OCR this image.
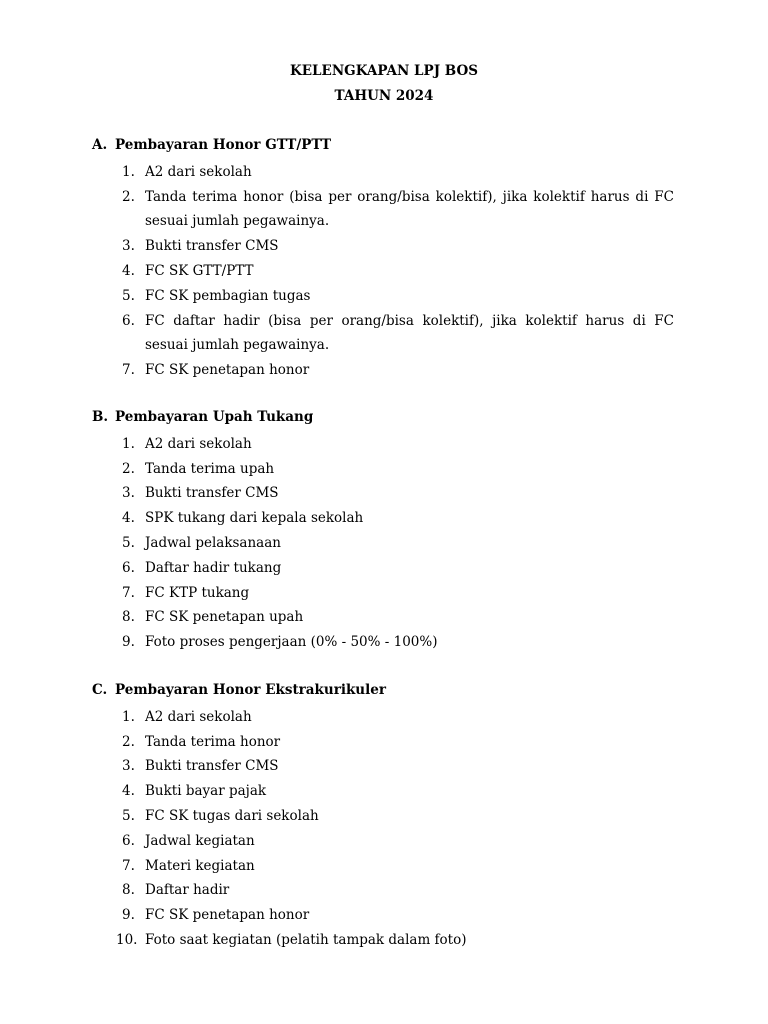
KELENGKAPAN LPJ BOS
TAHUN 2024
A. Pembayaran Honor GTT/PTT
1. A2 dari sekolah
2. Tanda terima honor (bisa per orang/bisa kolektif), jika kolektif harus di FC sesuai jumlah pegawainya.
3. Bukti transfer CMS
4. FC SK GTT/PTT
5. FC SK pembagian tugas
6. FC daftar hadir (bisa per orang/bisa kolektif), jika kolektif harus di FC sesuai jumlah pegawainya.
7. FC SK penetapan honor
B. Pembayaran Upah Tukang
1. A2 dari sekolah
2. Tanda terima upah
3. Bukti transfer CMS
4. SPK tukang dari kepala sekolah
5. Jadwal pelaksanaan
6. Daftar hadir tukang
7. FC KTP tukang
8. FC SK penetapan upah
9. Foto proses pengerjaan (0% - 50% - 100%)
C. Pembayaran Honor Ekstrakurikuler
1. A2 dari sekolah
2. Tanda terima honor
3. Bukti transfer CMS
4. Bukti bayar pajak
5. FC SK tugas dari sekolah
6. Jadwal kegiatan
7. Materi kegiatan
8. Daftar hadir
9. FC SK penetapan honor
10. Foto saat kegiatan (pelatih tampak dalam foto)
